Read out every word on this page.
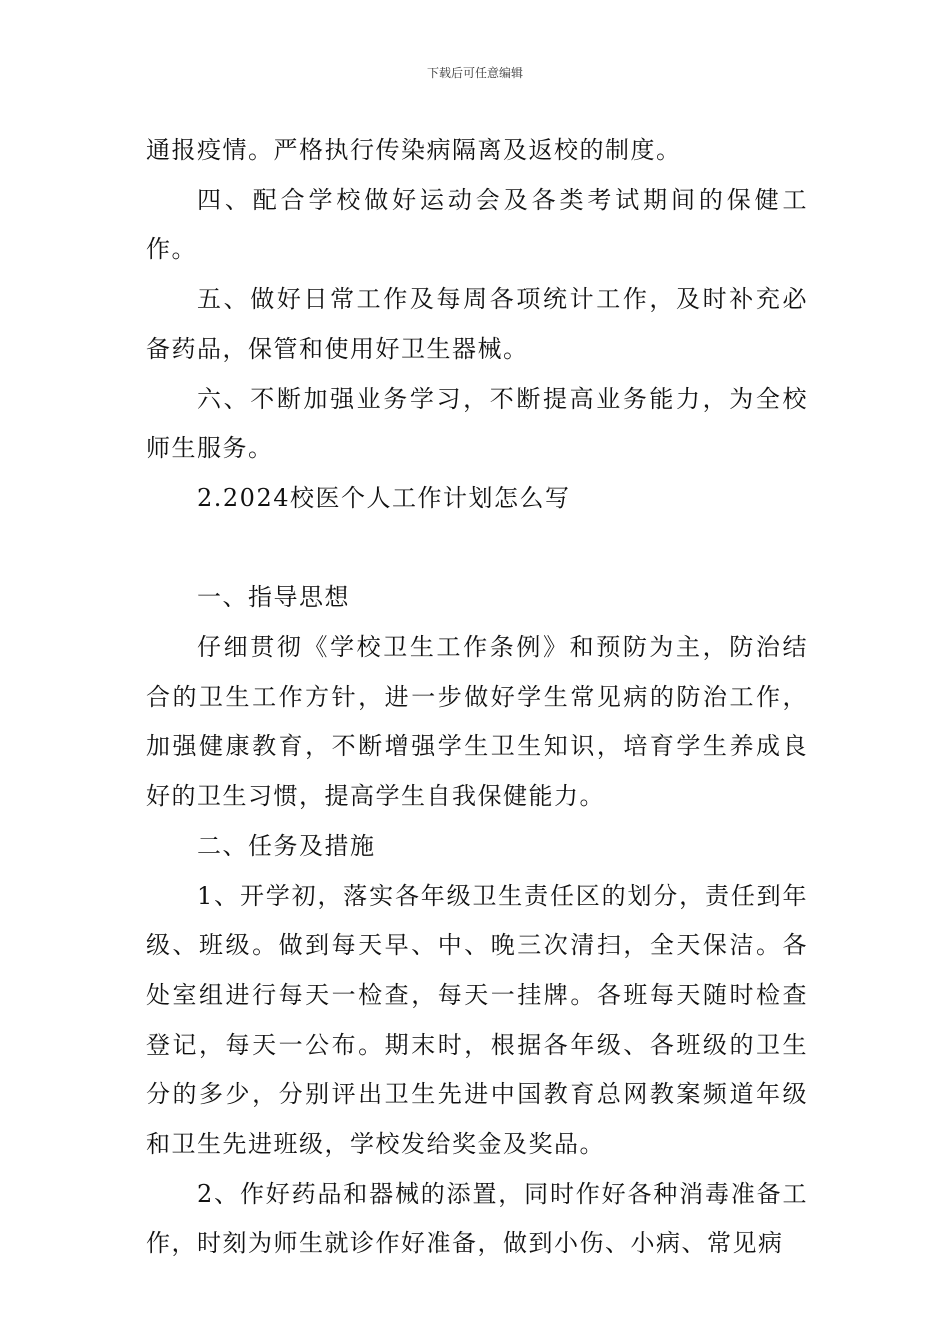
下载后可任意编辑

通报疫情。严格执行传染病隔离及返校的制度。

四、配合学校做好运动会及各类考试期间的保健工作。

五、做好日常工作及每周各项统计工作，及时补充必备药品，保管和使用好卫生器械。

六、不断加强业务学习，不断提高业务能力，为全校师生服务。

2.2024校医个人工作计划怎么写

一、指导思想

仔细贯彻《学校卫生工作条例》和预防为主，防治结合的卫生工作方针，进一步做好学生常见病的防治工作，加强健康教育，不断增强学生卫生知识，培育学生养成良好的卫生习惯，提高学生自我保健能力。

二、任务及措施

1、开学初，落实各年级卫生责任区的划分，责任到年级、班级。做到每天早、中、晚三次清扫，全天保洁。各处室组进行每天一检查，每天一挂牌。各班每天随时检查登记，每天一公布。期末时，根据各年级、各班级的卫生分的多少，分别评出卫生先进中国教育总网教案频道年级和卫生先进班级，学校发给奖金及奖品。

2、作好药品和器械的添置，同时作好各种消毒准备工作，时刻为师生就诊作好准备，做到小伤、小病、常见病
